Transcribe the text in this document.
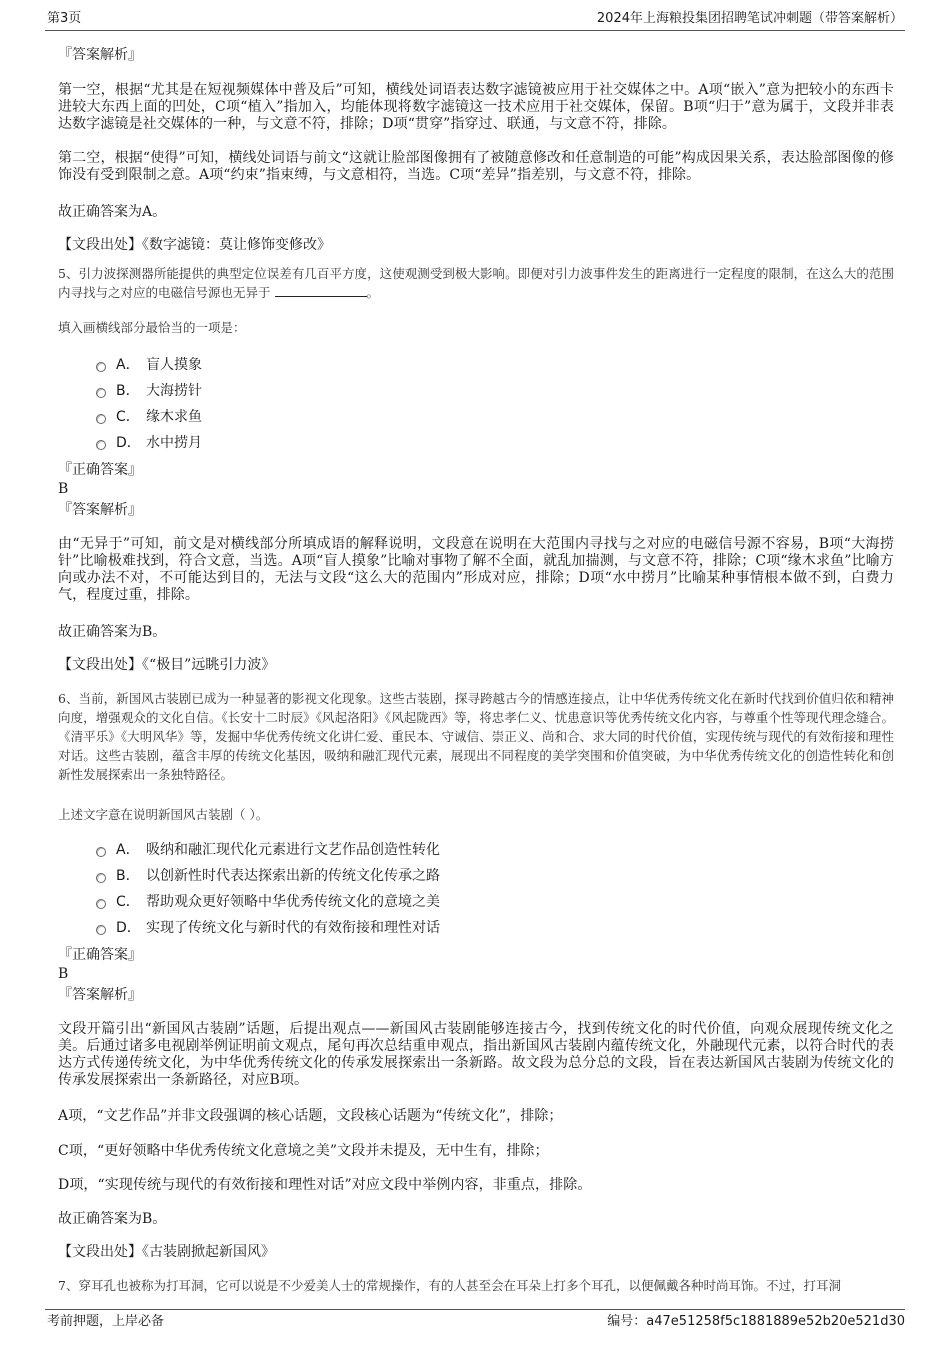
第3页	2024年上海粮投集团招聘笔试冲刺题（带答案解析）
『答案解析』
第一空，根据“尤其是在短视频媒体中普及后”可知，横线处词语表达数字滤镜被应用于社交媒体之中。A项“嵌入”意为把较小的东西卡进较大东西上面的凹处，C项“植入”指加入，均能体现将数字滤镜这一技术应用于社交媒体，保留。B项“归于”意为属于，文段并非表达数字滤镜是社交媒体的一种，与文意不符，排除；D项“贯穿”指穿过、联通，与文意不符，排除。
第二空，根据“使得”可知，横线处词语与前文“这就让脸部图像拥有了被随意修改和任意制造的可能”构成因果关系，表达脸部图像的修饰没有受到限制之意。A项“约束”指束缚，与文意相符，当选。C项“差异”指差别，与文意不符，排除。
故正确答案为A。
【文段出处】《数字滤镜：莫让修饰变修改》
5、引力波探测器所能提供的典型定位误差有几百平方度，这使观测受到极大影响。即便对引力波事件发生的距离进行一定程度的限制，在这么大的范围内寻找与之对应的电磁信号源也无异于	。
填入画横线部分最恰当的一项是：
A． 盲人摸象
B． 大海捞针
C． 缘木求鱼
D． 水中捞月
『正确答案』
B
『答案解析』
由“无异于”可知，前文是对横线部分所填成语的解释说明，文段意在说明在大范围内寻找与之对应的电磁信号源不容易，B项“大海捞针”比喻极难找到，符合文意，当选。A项“盲人摸象”比喻对事物了解不全面，就乱加揣测，与文意不符，排除；C项“缘木求鱼”比喻方向或办法不对，不可能达到目的，无法与文段“这么大的范围内”形成对应，排除；D项“水中捞月”比喻某种事情根本做不到，白费力气，程度过重，排除。
故正确答案为B。
【文段出处】《“极目”远眺引力波》
6、当前，新国风古装剧已成为一种显著的影视文化现象。这些古装剧，探寻跨越古今的情感连接点，让中华优秀传统文化在新时代找到价值归依和精神向度，增强观众的文化自信。《长安十二时辰》《风起洛阳》《风起陇西》等，将忠孝仁义、忧患意识等优秀传统文化内容，与尊重个性等现代理念缝合。《清平乐》《大明风华》等，发掘中华优秀传统文化讲仁爱、重民本、守诚信、崇正义、尚和合、求大同的时代价值，实现传统与现代的有效衔接和理性对话。这些古装剧，蕴含丰厚的传统文化基因，吸纳和融汇现代元素，展现出不同程度的美学突围和价值突破，为中华优秀传统文化的创造性转化和创新性发展探索出一条独特路径。
上述文字意在说明新国风古装剧（ ）。
A． 吸纳和融汇现代化元素进行文艺作品创造性转化
B． 以创新性时代表达探索出新的传统文化传承之路
C． 帮助观众更好领略中华优秀传统文化的意境之美
D． 实现了传统文化与新时代的有效衔接和理性对话
『正确答案』
B
『答案解析』
文段开篇引出“新国风古装剧”话题，后提出观点——新国风古装剧能够连接古今，找到传统文化的时代价值，向观众展现传统文化之美。后通过诸多电视剧举例证明前文观点，尾句再次总结重申观点，指出新国风古装剧内蕴传统文化，外融现代元素，以符合时代的表达方式传递传统文化，为中华优秀传统文化的传承发展探索出一条新路。故文段为总分总的文段，旨在表达新国风古装剧为传统文化的传承发展探索出一条新路径，对应B项。
A项，“文艺作品”并非文段强调的核心话题，文段核心话题为“传统文化”，排除；
C项，“更好领略中华优秀传统文化意境之美”文段并未提及，无中生有，排除；
D项，“实现传统与现代的有效衔接和理性对话”对应文段中举例内容，非重点，排除。
故正确答案为B。
【文段出处】《古装剧掀起新国风》
7、穿耳孔也被称为打耳洞，它可以说是不少爱美人士的常规操作，有的人甚至会在耳朵上打多个耳孔，以便佩戴各种时尚耳饰。不过，打耳洞
考前押题，上岸必备	编号：a47e51258f5c1881889e52b20e521d30
